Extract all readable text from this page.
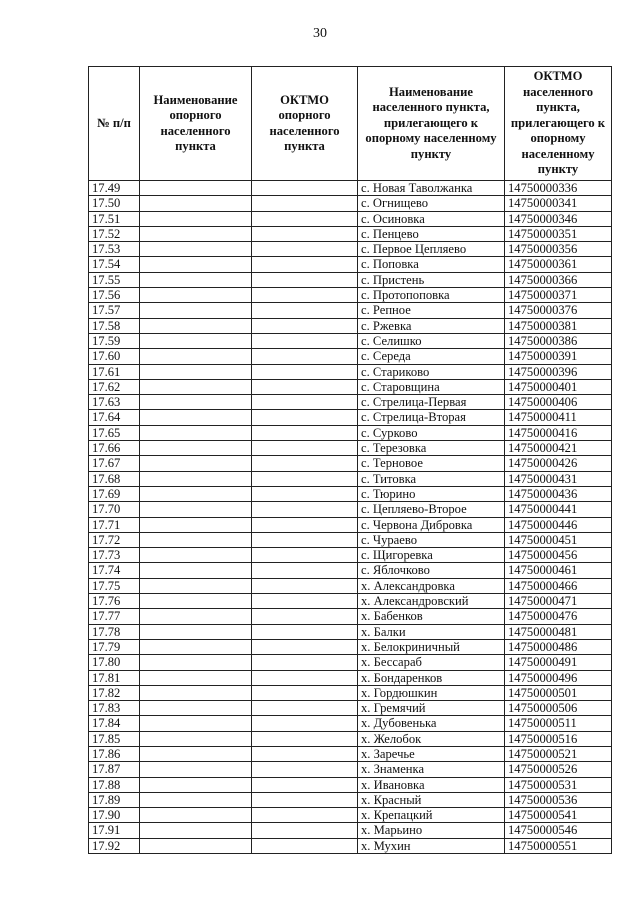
30
№ п/п	Наименование опорного населенного пункта	ОКТМО опорного населенного пункта	Наименование населенного пункта, прилегающего к опорному населенному пункту	ОКТМО населенного пункта, прилегающего к опорному населенному пункту
17.49			с. Новая Таволжанка	14750000336
17.50			с. Огнищево	14750000341
17.51			с. Осиновка	14750000346
17.52			с. Пенцево	14750000351
17.53			с. Первое Цепляево	14750000356
17.54			с. Поповка	14750000361
17.55			с. Пристень	14750000366
17.56			с. Протопоповка	14750000371
17.57			с. Репное	14750000376
17.58			с. Ржевка	14750000381
17.59			с. Селишко	14750000386
17.60			с. Середа	14750000391
17.61			с. Стариково	14750000396
17.62			с. Старовщина	14750000401
17.63			с. Стрелица-Первая	14750000406
17.64			с. Стрелица-Вторая	14750000411
17.65			с. Сурково	14750000416
17.66			с. Терезовка	14750000421
17.67			с. Терновое	14750000426
17.68			с. Титовка	14750000431
17.69			с. Тюрино	14750000436
17.70			с. Цепляево-Второе	14750000441
17.71			с. Червона Дибровка	14750000446
17.72			с. Чураево	14750000451
17.73			с. Щигоревка	14750000456
17.74			с. Яблочково	14750000461
17.75			х. Александровка	14750000466
17.76			х. Александровский	14750000471
17.77			х. Бабенков	14750000476
17.78			х. Балки	14750000481
17.79			х. Белокриничный	14750000486
17.80			х. Бессараб	14750000491
17.81			х. Бондаренков	14750000496
17.82			х. Гордюшкин	14750000501
17.83			х. Гремячий	14750000506
17.84			х. Дубовенька	14750000511
17.85			х. Желобок	14750000516
17.86			х. Заречье	14750000521
17.87			х. Знаменка	14750000526
17.88			х. Ивановка	14750000531
17.89			х. Красный	14750000536
17.90			х. Крепацкий	14750000541
17.91			х. Марьино	14750000546
17.92			х. Мухин	14750000551
